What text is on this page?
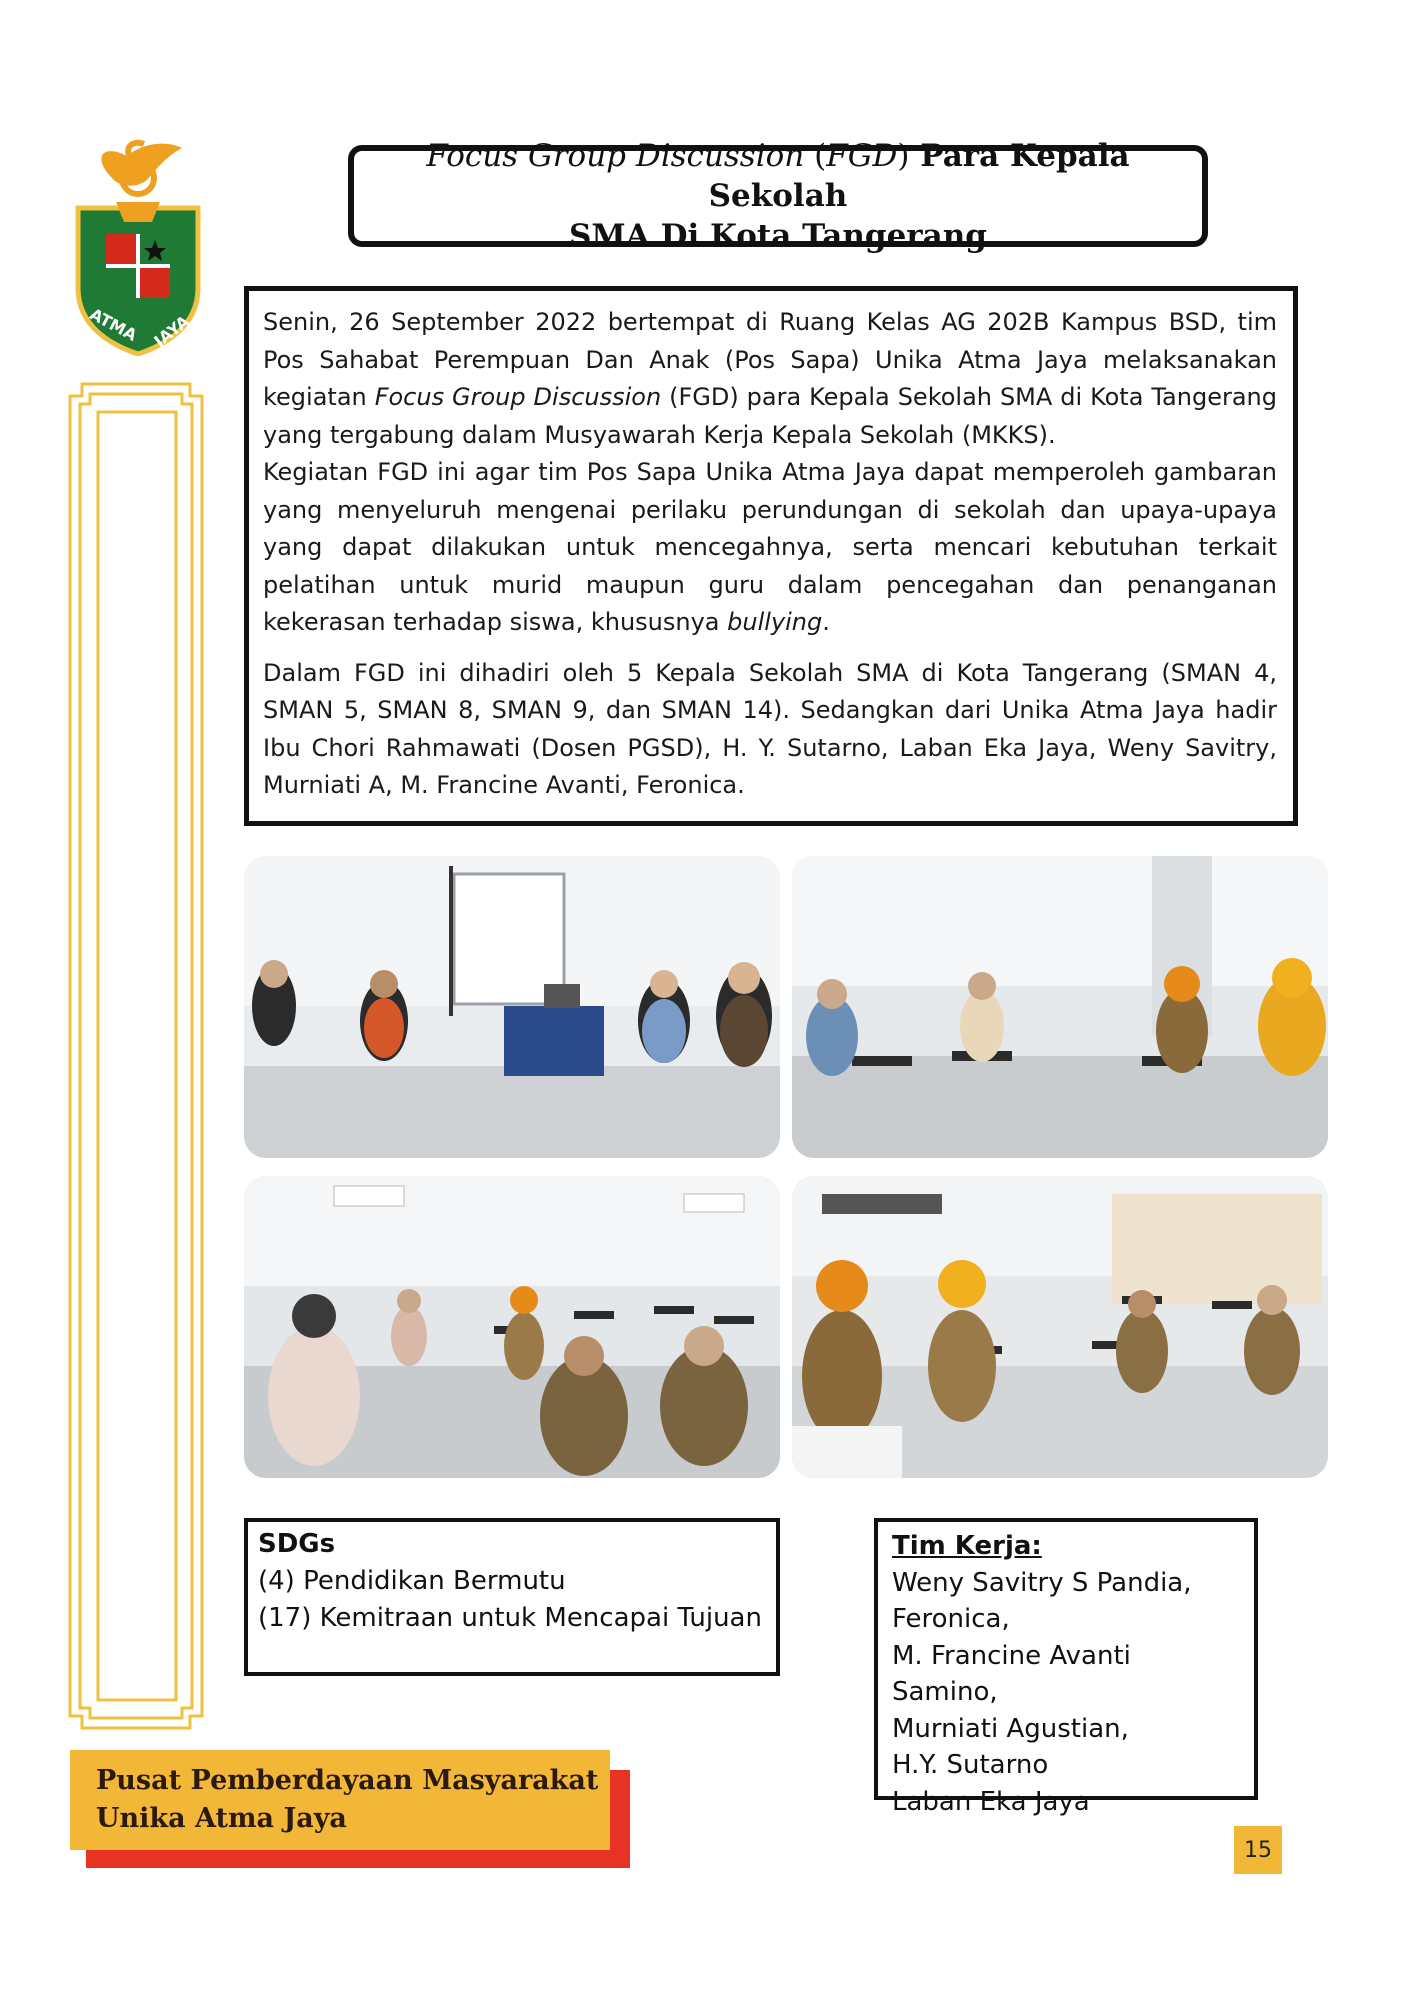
ATMA JAYA
Focus Group Discussion (FGD) Para Kepala Sekolah
SMA Di Kota Tangerang

Senin, 26 September 2022 bertempat di Ruang Kelas AG 202B Kampus BSD, tim Pos Sahabat Perempuan Dan Anak (Pos Sapa) Unika Atma Jaya melaksanakan kegiatan Focus Group Discussion (FGD) para Kepala Sekolah SMA di Kota Tangerang yang tergabung dalam Musyawarah Kerja Kepala Sekolah (MKKS).

Kegiatan FGD ini agar tim Pos Sapa Unika Atma Jaya dapat memperoleh gambaran yang menyeluruh mengenai perilaku perundungan di sekolah dan upaya-upaya yang dapat dilakukan untuk mencegahnya, serta mencari kebutuhan terkait pelatihan untuk murid maupun guru dalam pencegahan dan penanganan kekerasan terhadap siswa, khususnya bullying.

Dalam FGD ini dihadiri oleh 5 Kepala Sekolah SMA di Kota Tangerang (SMAN 4, SMAN 5, SMAN 8, SMAN 9, dan SMAN 14). Sedangkan dari Unika Atma Jaya hadir Ibu Chori Rahmawati (Dosen PGSD), H. Y. Sutarno, Laban Eka Jaya, Weny Savitry, Murniati A, M. Francine Avanti, Feronica.

SDGs
(4) Pendidikan Bermutu
(17) Kemitraan untuk Mencapai Tujuan
Tim Kerja:
Weny Savitry S Pandia,
Feronica,
M. Francine Avanti Samino,
Murniati Agustian,
H.Y. Sutarno
Laban Eka Jaya
Pusat Pemberdayaan Masyarakat
Unika Atma Jaya
15
